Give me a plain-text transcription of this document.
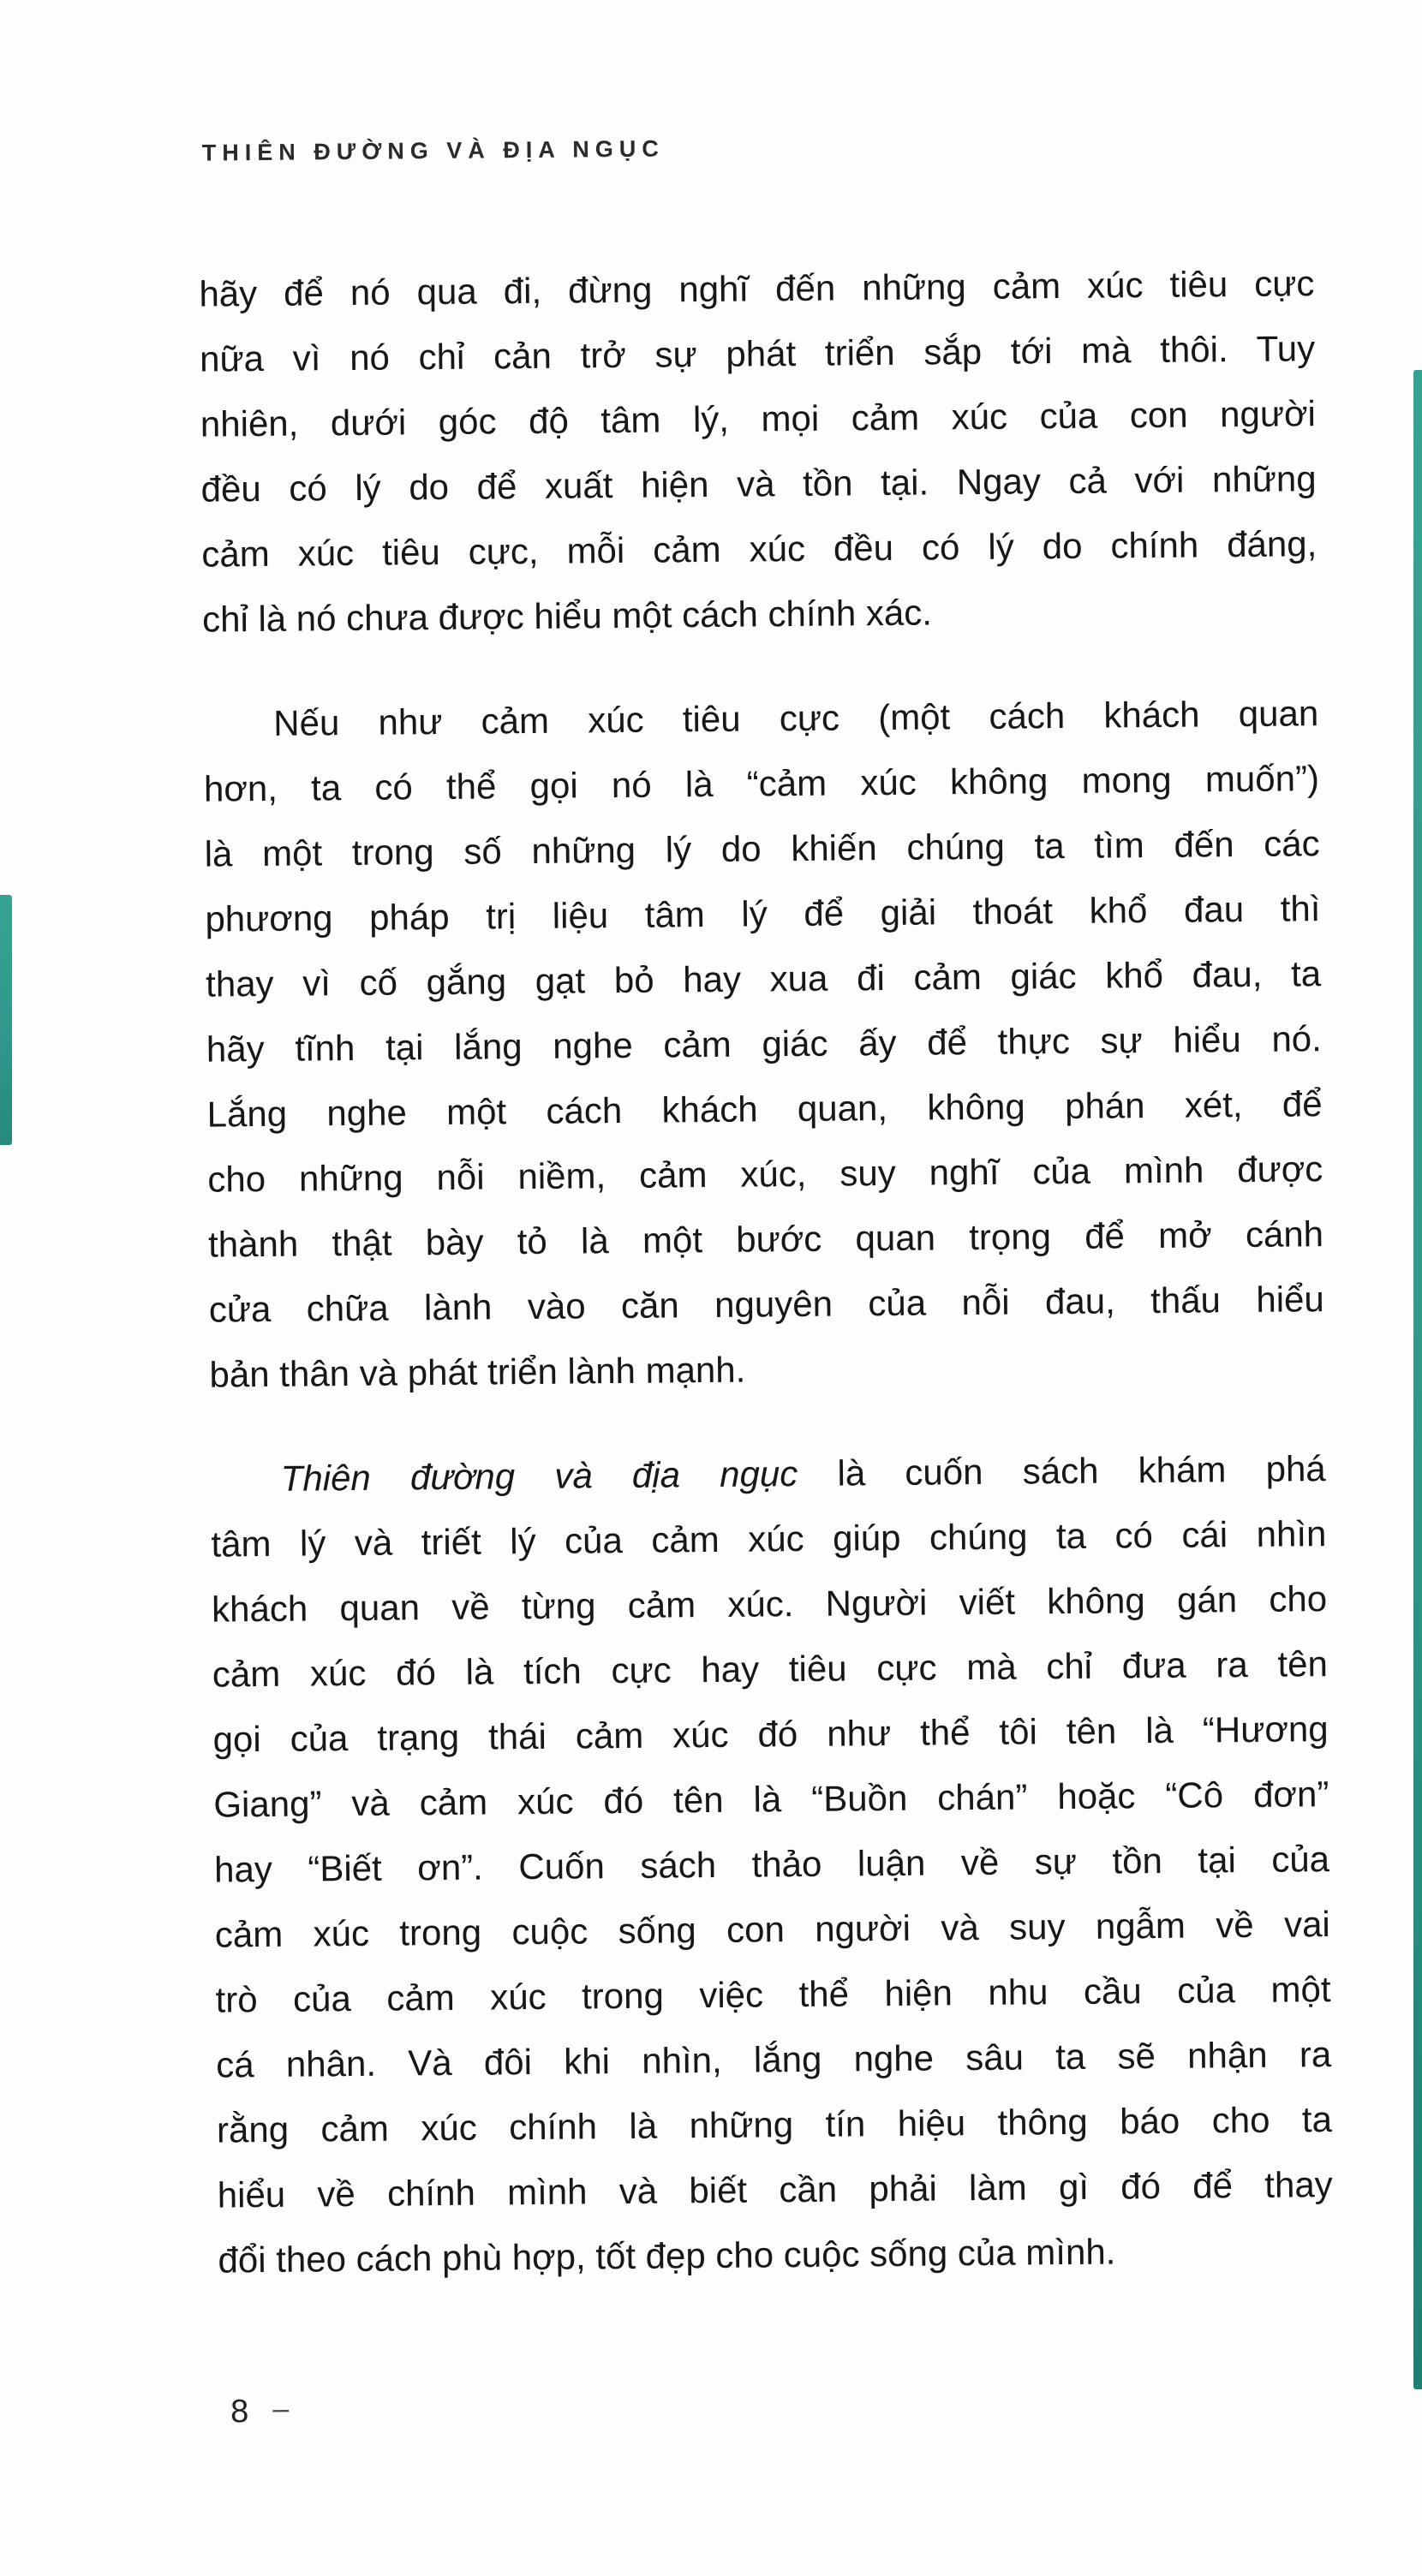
THIÊN ĐƯỜNG VÀ ĐỊA NGỤC
hãy để nó qua đi, đừng nghĩ đến những cảm xúc tiêu cực
nữa vì nó chỉ cản trở sự phát triển sắp tới mà thôi. Tuy
nhiên, dưới góc độ tâm lý, mọi cảm xúc của con người
đều có lý do để xuất hiện và tồn tại. Ngay cả với những
cảm xúc tiêu cực, mỗi cảm xúc đều có lý do chính đáng,
chỉ là nó chưa được hiểu một cách chính xác.
Nếu như cảm xúc tiêu cực (một cách khách quan
hơn, ta có thể gọi nó là “cảm xúc không mong muốn”)
là một trong số những lý do khiến chúng ta tìm đến các
phương pháp trị liệu tâm lý để giải thoát khổ đau thì
thay vì cố gắng gạt bỏ hay xua đi cảm giác khổ đau, ta
hãy tĩnh tại lắng nghe cảm giác ấy để thực sự hiểu nó.
Lắng nghe một cách khách quan, không phán xét, để
cho những nỗi niềm, cảm xúc, suy nghĩ của mình được
thành thật bày tỏ là một bước quan trọng để mở cánh
cửa chữa lành vào căn nguyên của nỗi đau, thấu hiểu
bản thân và phát triển lành mạnh.
Thiên đường và địa ngục là cuốn sách khám phá
tâm lý và triết lý của cảm xúc giúp chúng ta có cái nhìn
khách quan về từng cảm xúc. Người viết không gán cho
cảm xúc đó là tích cực hay tiêu cực mà chỉ đưa ra tên
gọi của trạng thái cảm xúc đó như thể tôi tên là “Hương
Giang” và cảm xúc đó tên là “Buồn chán” hoặc “Cô đơn”
hay “Biết ơn”. Cuốn sách thảo luận về sự tồn tại của
cảm xúc trong cuộc sống con người và suy ngẫm về vai
trò của cảm xúc trong việc thể hiện nhu cầu của một
cá nhân. Và đôi khi nhìn, lắng nghe sâu ta sẽ nhận ra
rằng cảm xúc chính là những tín hiệu thông báo cho ta
hiểu về chính mình và biết cần phải làm gì đó để thay
đổi theo cách phù hợp, tốt đẹp cho cuộc sống của mình.
8 –
